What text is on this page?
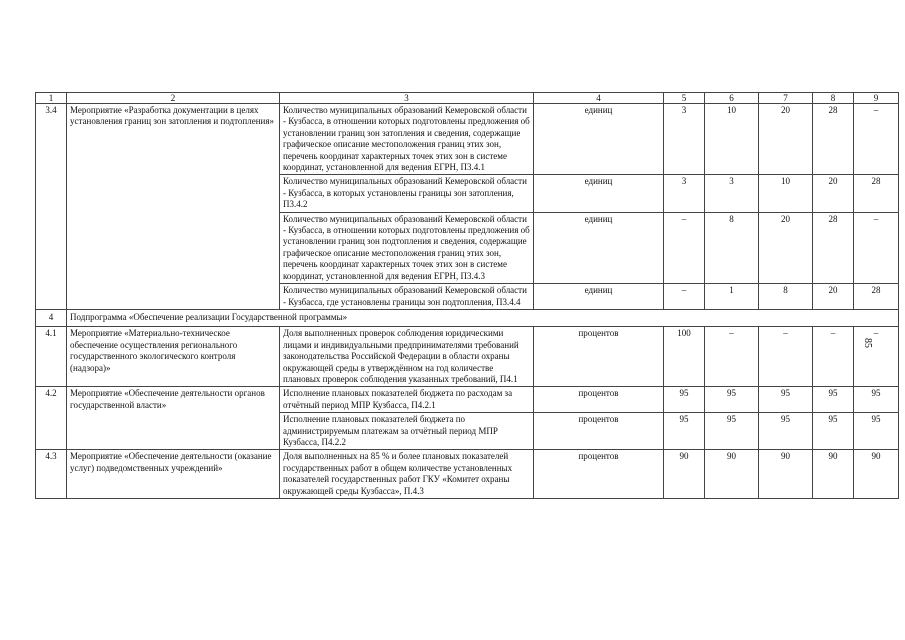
1	2	3	4	5	6	7	8	9
3.4	Мероприятие «Разработка документации в целях установления границ зон затопления и подтопления»	Количество муниципальных образований Кемеровской области - Кузбасса, в отношении которых подготовлены предложения об установлении границ зон затопления и сведения, содержащие графическое описание местоположения границ этих зон, перечень координат характерных точек этих зон в системе координат, установленной для ведения ЕГРН, П3.4.1	единиц	3	10	20	28	–
		Количество муниципальных образований Кемеровской области - Кузбасса, в которых установлены границы зон затопления, П3.4.2	единиц	3	3	10	20	28
		Количество муниципальных образований Кемеровской области - Кузбасса, в отношении которых подготовлены предложения об установлении границ зон подтопления и сведения, содержащие графическое описание местоположения границ этих зон, перечень координат характерных точек этих зон в системе координат, установленной для ведения ЕГРН, П3.4.3	единиц	–	8	20	28	–
		Количество муниципальных образований Кемеровской области - Кузбасса, где установлены границы зон подтопления, П3.4.4	единиц	–	1	8	20	28
4	Подпрограмма «Обеспечение реализации Государственной программы»							
4.1	Мероприятие «Материально-техническое обеспечение осуществления регионального государственного экологического контроля (надзора)»	Доля выполненных проверок соблюдения юридическими лицами и индивидуальными предпринимателями требований законодательства Российской Федерации в области охраны окружающей среды в утверждённом на год количестве плановых проверок соблюдения указанных требований, П4.1	процентов	100	–	–	–	–
4.2	Мероприятие «Обеспечение деятельности органов государственной власти»	Исполнение плановых показателей бюджета по расходам за отчётный период МПР Кузбасса, П4.2.1	процентов	95	95	95	95	95
		Исполнение плановых показателей бюджета по администрируемым платежам за отчётный период МПР Кузбасса, П4.2.2	процентов	95	95	95	95	95
4.3	Мероприятие «Обеспечение деятельности (оказание услуг) подведомственных учреждений»	Доля выполненных на 85 % и более плановых показателей государственных работ в общем количестве установленных показателей государственных работ ГКУ «Комитет охраны окружающей среды Кузбасса», П.4.3	процентов	90	90	90	90	90
85
